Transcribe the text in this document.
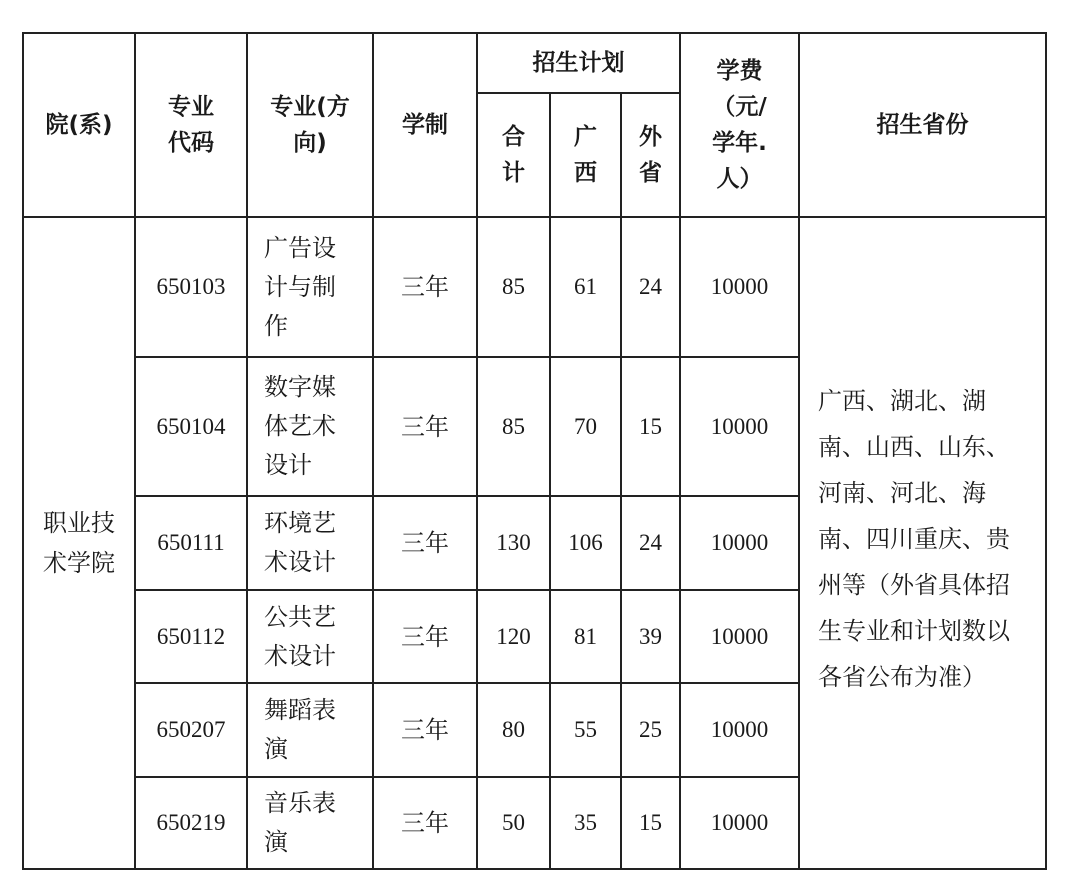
院(系)	专业代码	专业(方向)	学制	招生计划			学费（元/学年.人）	招生省份

				合计	广西	外省		

职业技术学院	650103	广告设计与制作	三年	85	61	24	10000	广西、湖北、湖南、山西、山东、河南、河北、海南、四川重庆、贵州等（外省具体招生专业和计划数以各省公布为准）
	650104	数字媒体艺术设计	三年	85	70	15	10000	
	650111	环境艺术设计	三年	130	106	24	10000	
	650112	公共艺术设计	三年	120	81	39	10000	
	650207	舞蹈表演	三年	80	55	25	10000	
	650219	音乐表演	三年	50	35	15	10000	
